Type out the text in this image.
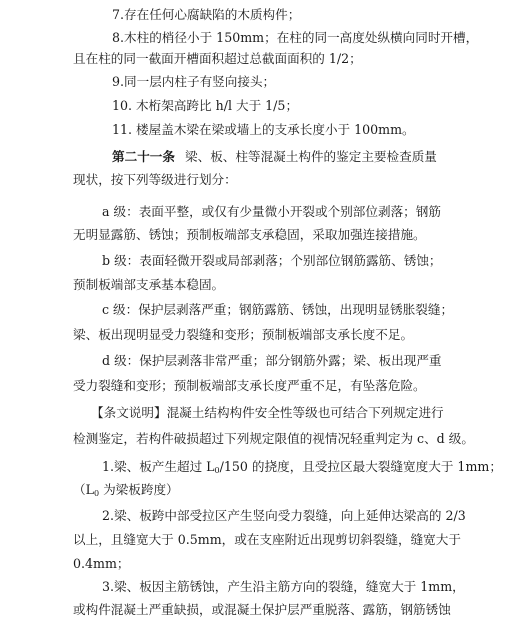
7.存在任何心腐缺陷的木质构件；
8.木柱的梢径小于 150mm；在柱的同一高度处纵横向同时开槽，
且在柱的同一截面开槽面积超过总截面面积的 1/2；
9.同一层内柱子有竖向接头；
10. 木桁架高跨比 h/l 大于 1/5；
11. 楼屋盖木梁在梁或墙上的支承长度小于 100mm。
第二十一条 梁、板、柱等混凝土构件的鉴定主要检查质量
现状，按下列等级进行划分：
a 级：表面平整，或仅有少量微小开裂或个别部位剥落；钢筋
无明显露筋、锈蚀；预制板端部支承稳固，采取加强连接措施。
b 级：表面轻微开裂或局部剥落；个别部位钢筋露筋、锈蚀；
预制板端部支承基本稳固。
c 级：保护层剥落严重；钢筋露筋、锈蚀，出现明显锈胀裂缝；
梁、板出现明显受力裂缝和变形；预制板端部支承长度不足。
d 级：保护层剥落非常严重；部分钢筋外露；梁、板出现严重
受力裂缝和变形；预制板端部支承长度严重不足，有坠落危险。
【条文说明】混凝土结构构件安全性等级也可结合下列规定进行
检测鉴定，若构件破损超过下列规定限值的视情况轻重判定为 c、d 级。
1.梁、板产生超过 $L_0/150$ 的挠度，且受拉区最大裂缝宽度大于 1mm；
（$L_0$ 为梁板跨度）
2.梁、板跨中部受拉区产生竖向受力裂缝，向上延伸达梁高的 2/3
以上，且缝宽大于 0.5mm，或在支座附近出现剪切斜裂缝，缝宽大于
0.4mm；
3.梁、板因主筋锈蚀，产生沿主筋方向的裂缝，缝宽大于 1mm，
或构件混凝土严重缺损，或混凝土保护层严重脱落、露筋，钢筋锈蚀
